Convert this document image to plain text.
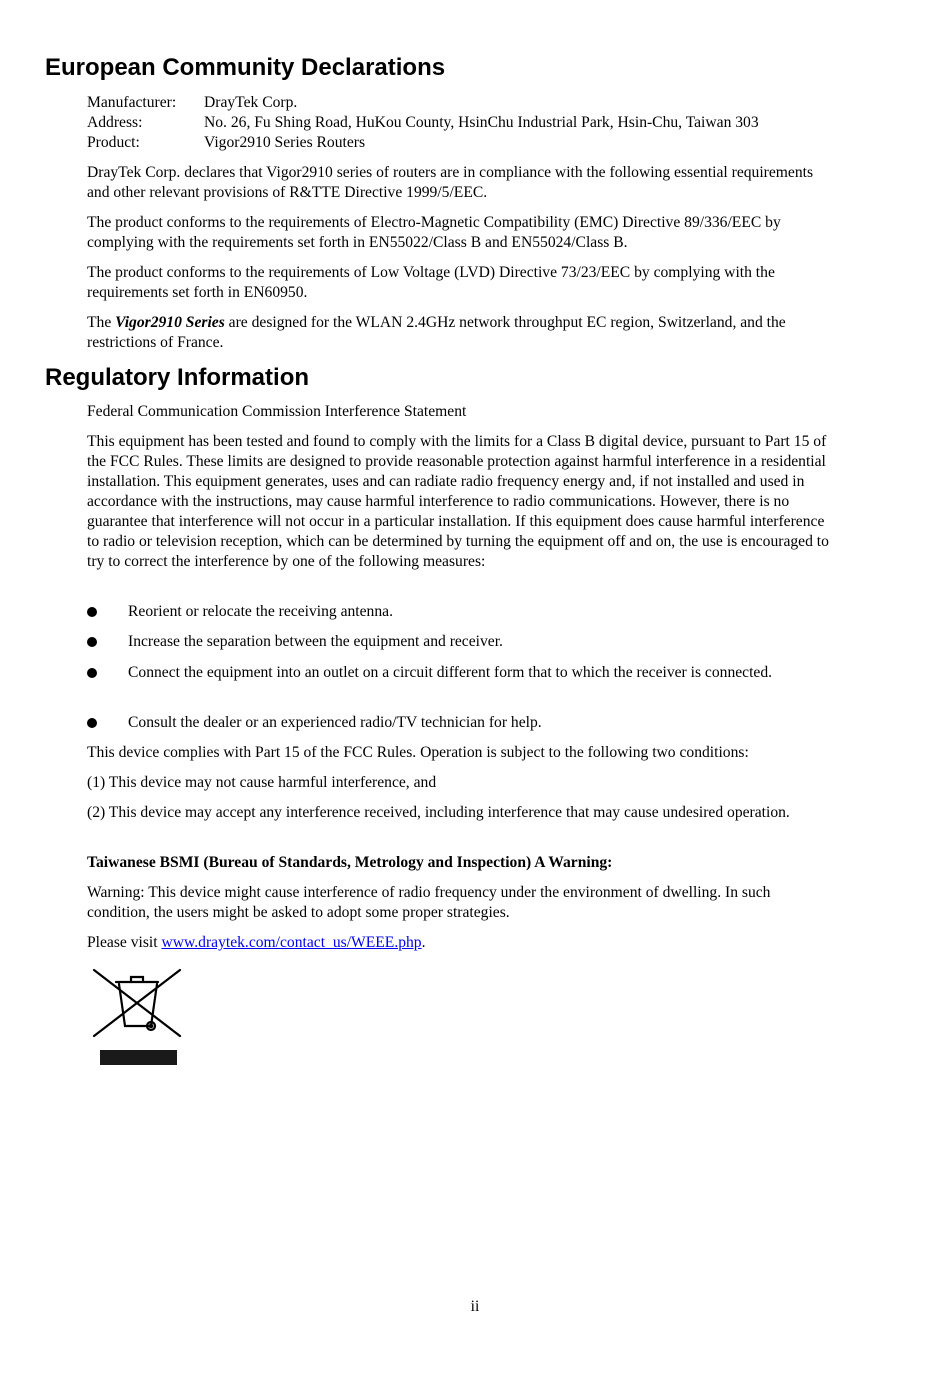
European Community Declarations
Manufacturer:	DrayTek Corp.
Address:	No. 26, Fu Shing Road, HuKou County, HsinChu Industrial Park, Hsin-Chu, Taiwan 303
Product:	Vigor2910 Series Routers

DrayTek Corp. declares that Vigor2910 series of routers are in compliance with the following essential requirements and other relevant provisions of R&TTE Directive 1999/5/EEC.

The product conforms to the requirements of Electro-Magnetic Compatibility (EMC) Directive 89/336/EEC by complying with the requirements set forth in EN55022/Class B and EN55024/Class B.

The product conforms to the requirements of Low Voltage (LVD) Directive 73/23/EEC by complying with the requirements set forth in EN60950.

The Vigor2910 Series are designed for the WLAN 2.4GHz network throughput EC region, Switzerland, and the restrictions of France.

Regulatory Information

Federal Communication Commission Interference Statement

This equipment has been tested and found to comply with the limits for a Class B digital device, pursuant to Part 15 of the FCC Rules. These limits are designed to provide reasonable protection against harmful interference in a residential installation. This equipment generates, uses and can radiate radio frequency energy and, if not installed and used in accordance with the instructions, may cause harmful interference to radio communications. However, there is no guarantee that interference will not occur in a particular installation. If this equipment does cause harmful interference to radio or television reception, which can be determined by turning the equipment off and on, the use is encouraged to try to correct the interference by one of the following measures:

Reorient or relocate the receiving antenna.
Increase the separation between the equipment and receiver.
Connect the equipment into an outlet on a circuit different form that to which the receiver is connected.
Consult the dealer or an experienced radio/TV technician for help.

This device complies with Part 15 of the FCC Rules. Operation is subject to the following two conditions:

(1) This device may not cause harmful interference, and

(2) This device may accept any interference received, including interference that may cause undesired operation.

Taiwanese BSMI (Bureau of Standards, Metrology and Inspection) A Warning:

Warning: This device might cause interference of radio frequency under the environment of dwelling. In such condition, the users might be asked to adopt some proper strategies.

Please visit www.draytek.com/contact_us/WEEE.php.

ii
